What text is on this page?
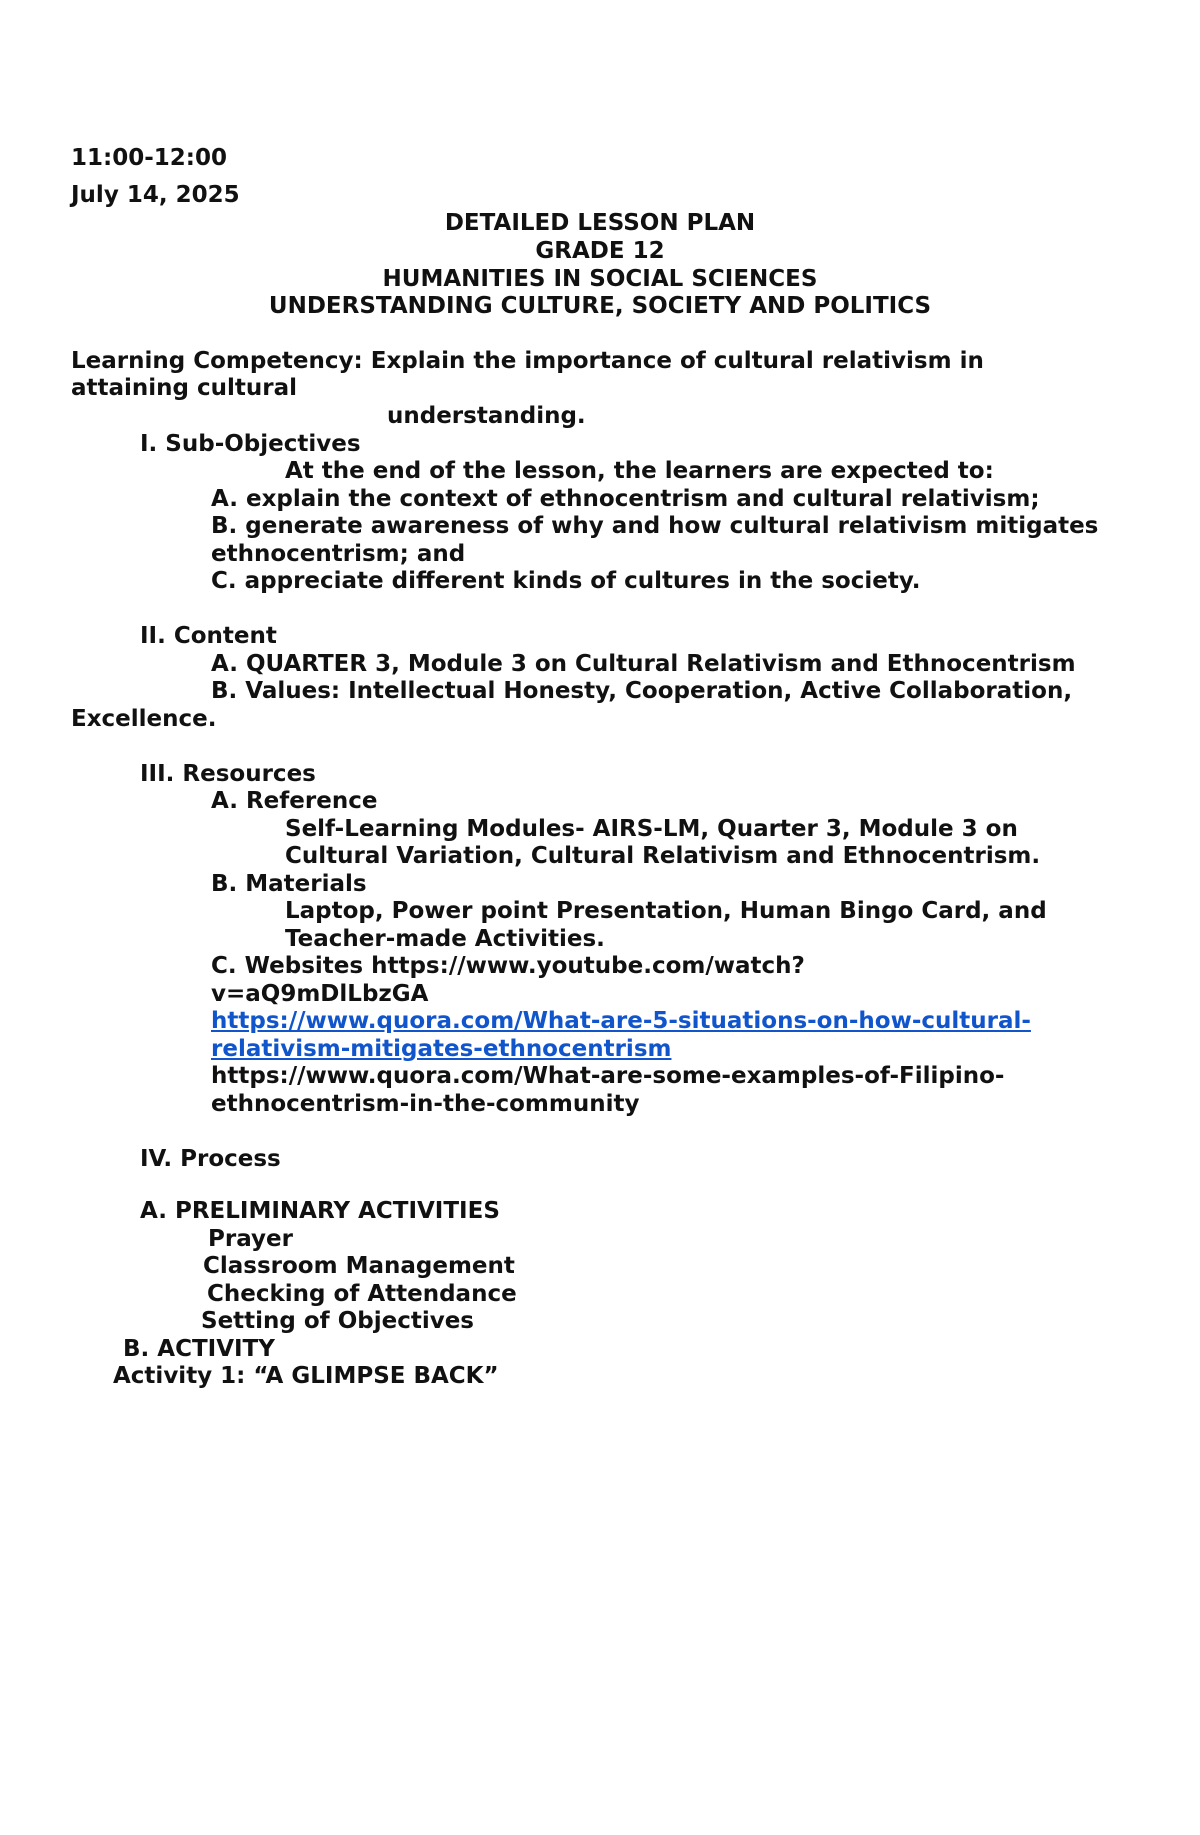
11:00-12:00

July 14, 2025

DETAILED LESSON PLAN

GRADE 12

HUMANITIES IN SOCIAL SCIENCES

UNDERSTANDING CULTURE, SOCIETY AND POLITICS

Learning Competency: Explain the importance of cultural relativism in

attaining cultural

understanding.

I. Sub-Objectives

At the end of the lesson, the learners are expected to:

A. explain the context of ethnocentrism and cultural relativism;

B. generate awareness of why and how cultural relativism mitigates

ethnocentrism; and

C. appreciate different kinds of cultures in the society.

II. Content

A. QUARTER 3, Module 3 on Cultural Relativism and Ethnocentrism

B. Values: Intellectual Honesty, Cooperation, Active Collaboration,

Excellence.

III. Resources

A. Reference

Self-Learning Modules- AIRS-LM, Quarter 3, Module 3 on

Cultural Variation, Cultural Relativism and Ethnocentrism.

B. Materials

Laptop, Power point Presentation, Human Bingo Card, and

Teacher-made Activities.

C. Websites https://www.youtube.com/watch?

v=aQ9mDlLbzGA

https://www.quora.com/What-are-5-situations-on-how-cultural-

relativism-mitigates-ethnocentrism

https://www.quora.com/What-are-some-examples-of-Filipino-

ethnocentrism-in-the-community

IV. Process

A. PRELIMINARY ACTIVITIES

Prayer

Classroom Management

Checking of Attendance

Setting of Objectives

B. ACTIVITY

Activity 1: “A GLIMPSE BACK”
